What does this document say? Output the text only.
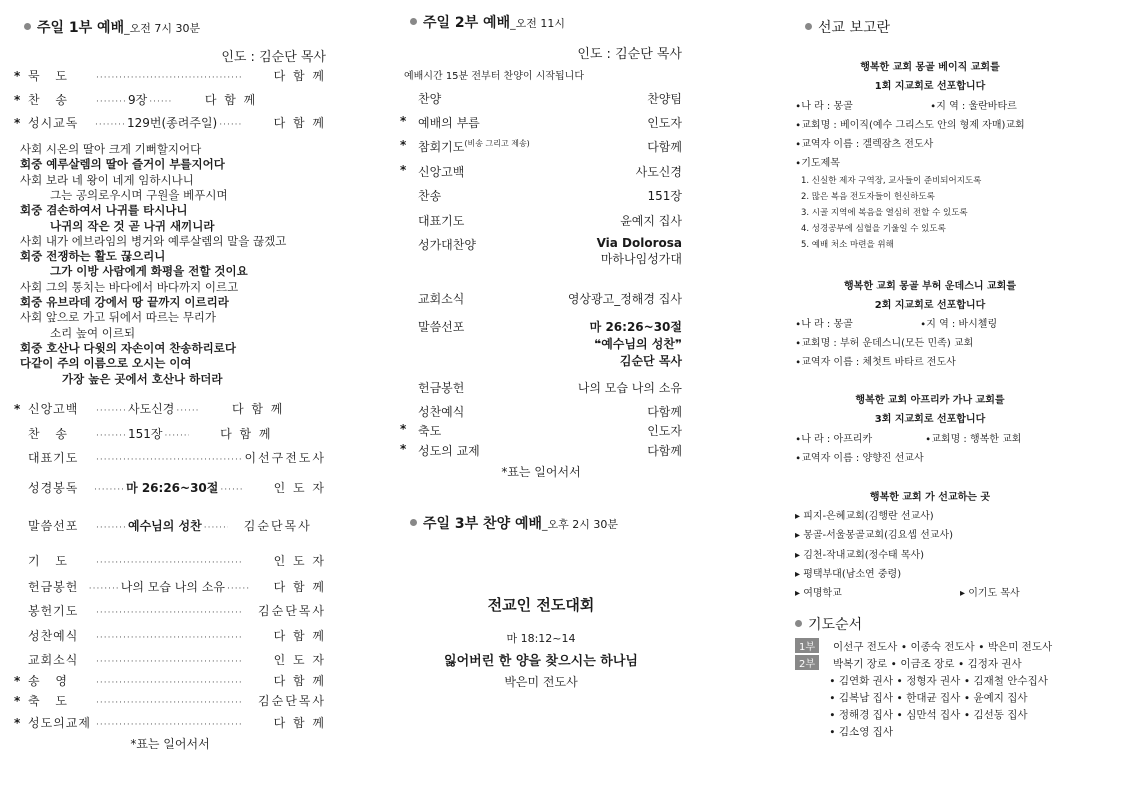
주일 1부 예배 _오전 7시 30분
인도 : 김순단 목사
* 묵 도 ·····	다 함 께
* 찬 송 ·····	9장 ·····	다 함 께
* 성시교독 ·····	129번(종려주일) ·····	다 함 께
사회 시온의 딸아 크게 기뻐할지어다
회중 예루살렘의 딸아 즐거이 부를지어다
사회 보라 네 왕이 네게 임하시나니
그는 공의로우시며 구원을 베푸시며
회중 겸손하여서 나귀를 타시나니
나귀의 작은 것 곧 나귀 새끼니라
사회 내가 에브라임의 병거와 예루살렘의 말을 끊겠고
회중 전쟁하는 활도 끊으리니
그가 이방 사람에게 화평을 전할 것이요
사회 그의 통치는 바다에서 바다까지 이르고
회중 유브라데 강에서 땅 끝까지 이르리라
사회 앞으로 가고 뒤에서 따르는 무리가
소리 높여 이르되
회중 호산나 다윗의 자손이여 찬송하리로다
다같이 주의 이름으로 오시는 이여
가장 높은 곳에서 호산나 하더라
* 신앙고백 ·····	사도신경 ·····	다 함 께
찬 송 ·····	151장 ·····	다 함 께
대표기도 ·····	이선구전도사
성경봉독 ·····	마 26:26~30절 ·····	인 도 자
말씀선포 ·····	예수님의 성찬 ·····	김순단목사
기 도 ·····	인 도 자
헌금봉헌 ·····	나의 모습 나의 소유 ·····	다 함 께
봉헌기도 ·····	김순단목사
성찬예식 ·····	다 함 께
교회소식 ·····	인 도 자
* 송 영 ·····	다 함 께
* 축 도 ·····	김순단목사
* 성도의교제 ·····	다 함 께
*표는 일어서서
주일 2부 예배 _오전 11시
인도 : 김순단 목사
예배시간 15분 전부터 찬양이 시작됩니다
찬양	찬양팀
* 예배의 부름	인도자
* 참회기도 (비송 그리고 제송)	다함께
* 신앙고백	사도신경
찬송	151장
대표기도	윤예지 집사
성가대찬양	Via Dolorosa
마하나임성가대
교회소식	영상광고_정해경 집사
말씀선포	마 26:26~30절
❝예수님의 성찬❞
김순단 목사
헌금봉헌	나의 모습 나의 소유
성찬예식	다함께
* 축도	인도자
* 성도의 교제	다함께
*표는 일어서서
주일 3부 찬양 예배 _오후 2시 30분
전교인 전도대회
마 18:12~14
잃어버린 한 양을 찾으시는 하나님
박은미 전도사
선교 보고란
행복한 교회 몽골 베이직 교회를
1회 지교회로 선포합니다
∙나 라 : 몽골	∙지 역 : 울란바타르
∙교회명 : 베이직(예수 그리스도 안의 형제 자매)교회
∙교역자 이름 : 겔렉잠츠 전도사
∙기도제목
1. 신실한 제자 구역장, 교사들이 준비되어지도록
2. 많은 복음 전도자들이 헌신하도록
3. 시골 지역에 복음을 열심히 전할 수 있도록
4. 성경공부에 심혈을 기울일 수 있도록
5. 예배 처소 마련을 위해
행복한 교회 몽골 부허 운데스니 교회를
2회 지교회로 선포합니다
∙나 라 : 몽골	∙지 역 : 바시첼링
∙교회명 : 부허 운데스니(모든 민족) 교회
∙교역자 이름 : 체첫트 바타르 전도사
행복한 교회 아프리카 가나 교회를
3회 지교회로 선포합니다
∙나 라 : 아프리카	∙교회명 : 행복한 교회
∙교역자 이름 : 양향진 선교사
행복한 교회 가 선교하는 곳
▸ 피지-은혜교회(김행란 선교사)
▸ 몽골-서울몽골교회(김요셉 선교사)
▸ 김천-작내교회(정수태 목사)
▸ 평택부대(남소연 중령)
▸ 여명학교	▸ 이기도 목사
기도순서
1부 이선구 전도사 ∙ 이종숙 전도사 ∙ 박은미 전도사
2부 박복기 장로 ∙ 이금조 장로 ∙ 김정자 권사
∙ 김연화 권사 ∙ 정형자 권사 ∙ 김재철 안수집사
∙ 김복남 집사 ∙ 한대균 집사 ∙ 윤예지 집사
∙ 정해경 집사 ∙ 심만석 집사 ∙ 김선동 집사
∙ 김소영 집사
